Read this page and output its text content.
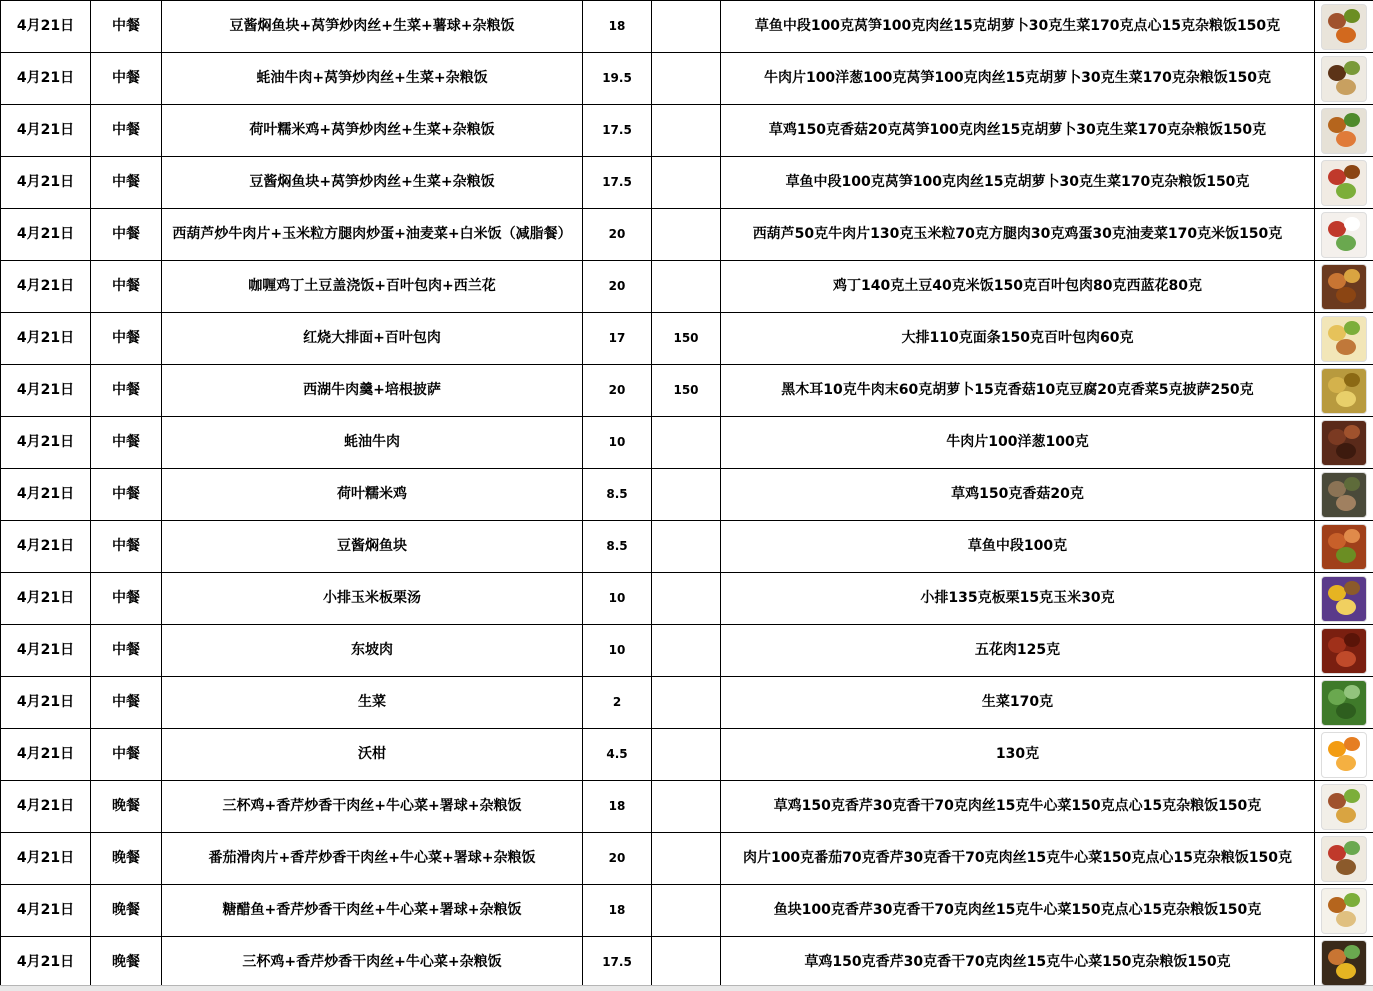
4月21日	中餐	豆酱焖鱼块+莴笋炒肉丝+生菜+薯球+杂粮饭	18		草鱼中段100克莴笋100克肉丝15克胡萝卜30克生菜170克点心15克杂粮饭150克	

4月21日	中餐	蚝油牛肉+莴笋炒肉丝+生菜+杂粮饭	19.5		牛肉片100洋葱100克莴笋100克肉丝15克胡萝卜30克生菜170克杂粮饭150克	

4月21日	中餐	荷叶糯米鸡+莴笋炒肉丝+生菜+杂粮饭	17.5		草鸡150克香菇20克莴笋100克肉丝15克胡萝卜30克生菜170克杂粮饭150克	

4月21日	中餐	豆酱焖鱼块+莴笋炒肉丝+生菜+杂粮饭	17.5		草鱼中段100克莴笋100克肉丝15克胡萝卜30克生菜170克杂粮饭150克	

4月21日	中餐	西葫芦炒牛肉片+玉米粒方腿肉炒蛋+油麦菜+白米饭（减脂餐）	20		西葫芦50克牛肉片130克玉米粒70克方腿肉30克鸡蛋30克油麦菜170克米饭150克	

4月21日	中餐	咖喱鸡丁土豆盖浇饭+百叶包肉+西兰花	20		鸡丁140克土豆40克米饭150克百叶包肉80克西蓝花80克	

4月21日	中餐	红烧大排面+百叶包肉	17	150	大排110克面条150克百叶包肉60克	

4月21日	中餐	西湖牛肉羹+培根披萨	20	150	黑木耳10克牛肉末60克胡萝卜15克香菇10克豆腐20克香菜5克披萨250克	

4月21日	中餐	蚝油牛肉	10		牛肉片100洋葱100克	

4月21日	中餐	荷叶糯米鸡	8.5		草鸡150克香菇20克	

4月21日	中餐	豆酱焖鱼块	8.5		草鱼中段100克	

4月21日	中餐	小排玉米板栗汤	10		小排135克板栗15克玉米30克	

4月21日	中餐	东坡肉	10		五花肉125克	

4月21日	中餐	生菜	2		生菜170克	

4月21日	中餐	沃柑	4.5		130克	

4月21日	晚餐	三杯鸡+香芹炒香干肉丝+牛心菜+署球+杂粮饭	18		草鸡150克香芹30克香干70克肉丝15克牛心菜150克点心15克杂粮饭150克	

4月21日	晚餐	番茄滑肉片+香芹炒香干肉丝+牛心菜+署球+杂粮饭	20		肉片100克番茄70克香芹30克香干70克肉丝15克牛心菜150克点心15克杂粮饭150克	

4月21日	晚餐	糖醋鱼+香芹炒香干肉丝+牛心菜+署球+杂粮饭	18		鱼块100克香芹30克香干70克肉丝15克牛心菜150克点心15克杂粮饭150克	

4月21日	晚餐	三杯鸡+香芹炒香干肉丝+牛心菜+杂粮饭	17.5		草鸡150克香芹30克香干70克肉丝15克牛心菜150克杂粮饭150克	
